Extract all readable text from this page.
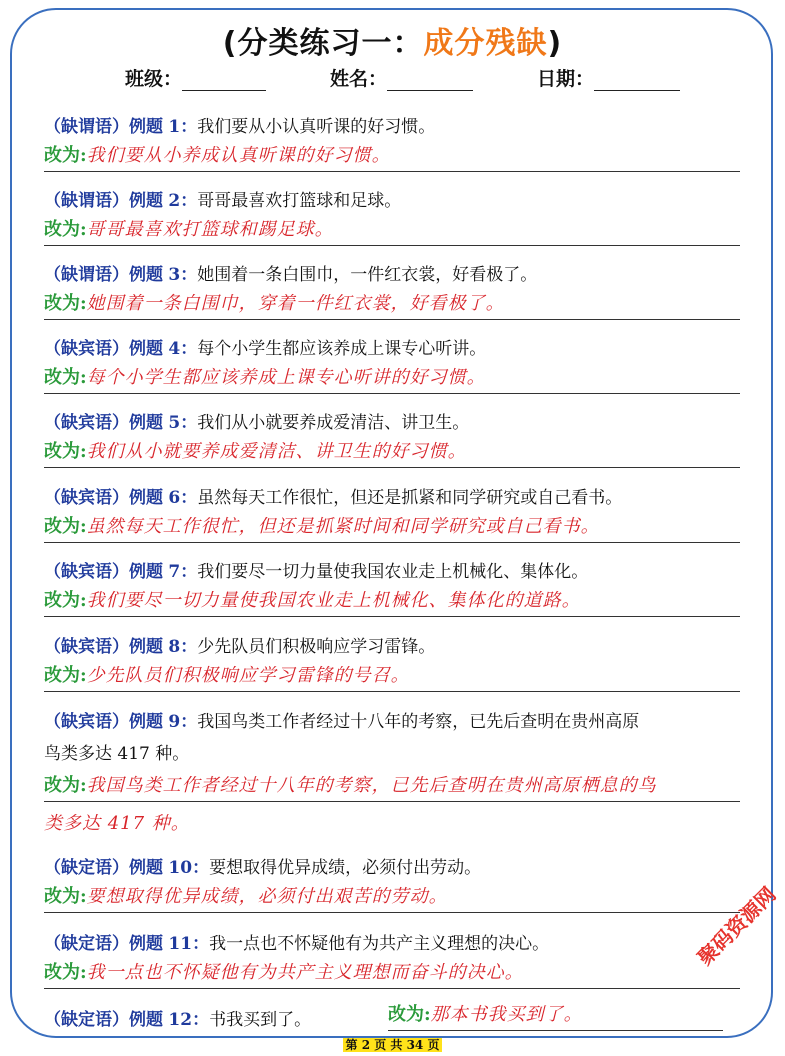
(分类练习一：成分残缺)
班级：	姓名：	日期：
（缺谓语）例题 1：我们要从小认真听课的好习惯。
改为:我们要从小养成认真听课的好习惯。
（缺谓语）例题 2：哥哥最喜欢打篮球和足球。
改为:哥哥最喜欢打篮球和踢足球。
（缺谓语）例题 3：她围着一条白围巾，一件红衣裳，好看极了。
改为:她围着一条白围巾，穿着一件红衣裳，好看极了。
（缺宾语）例题 4：每个小学生都应该养成上课专心听讲。
改为:每个小学生都应该养成上课专心听讲的好习惯。
（缺宾语）例题 5：我们从小就要养成爱清洁、讲卫生。
改为:我们从小就要养成爱清洁、讲卫生的好习惯。
（缺宾语）例题 6：虽然每天工作很忙，但还是抓紧和同学研究或自己看书。
改为:虽然每天工作很忙，但还是抓紧时间和同学研究或自己看书。
（缺宾语）例题 7：我们要尽一切力量使我国农业走上机械化、集体化。
改为:我们要尽一切力量使我国农业走上机械化、集体化的道路。
（缺宾语）例题 8：少先队员们积极响应学习雷锋。
改为:少先队员们积极响应学习雷锋的号召。
（缺宾语）例题 9：我国鸟类工作者经过十八年的考察，已先后查明在贵州高原
鸟类多达 417 种。
改为:我国鸟类工作者经过十八年的考察，已先后查明在贵州高原栖息的鸟
类多达 417 种。
（缺定语）例题 10：要想取得优异成绩，必须付出劳动。
改为:要想取得优异成绩，必须付出艰苦的劳动。
（缺定语）例题 11：我一点也不怀疑他有为共产主义理想的决心。
改为:我一点也不怀疑他有为共产主义理想而奋斗的决心。
（缺定语）例题 12：书我买到了。	改为:那本书我买到了。
聚码资源网
第 2 页 共 34 页
